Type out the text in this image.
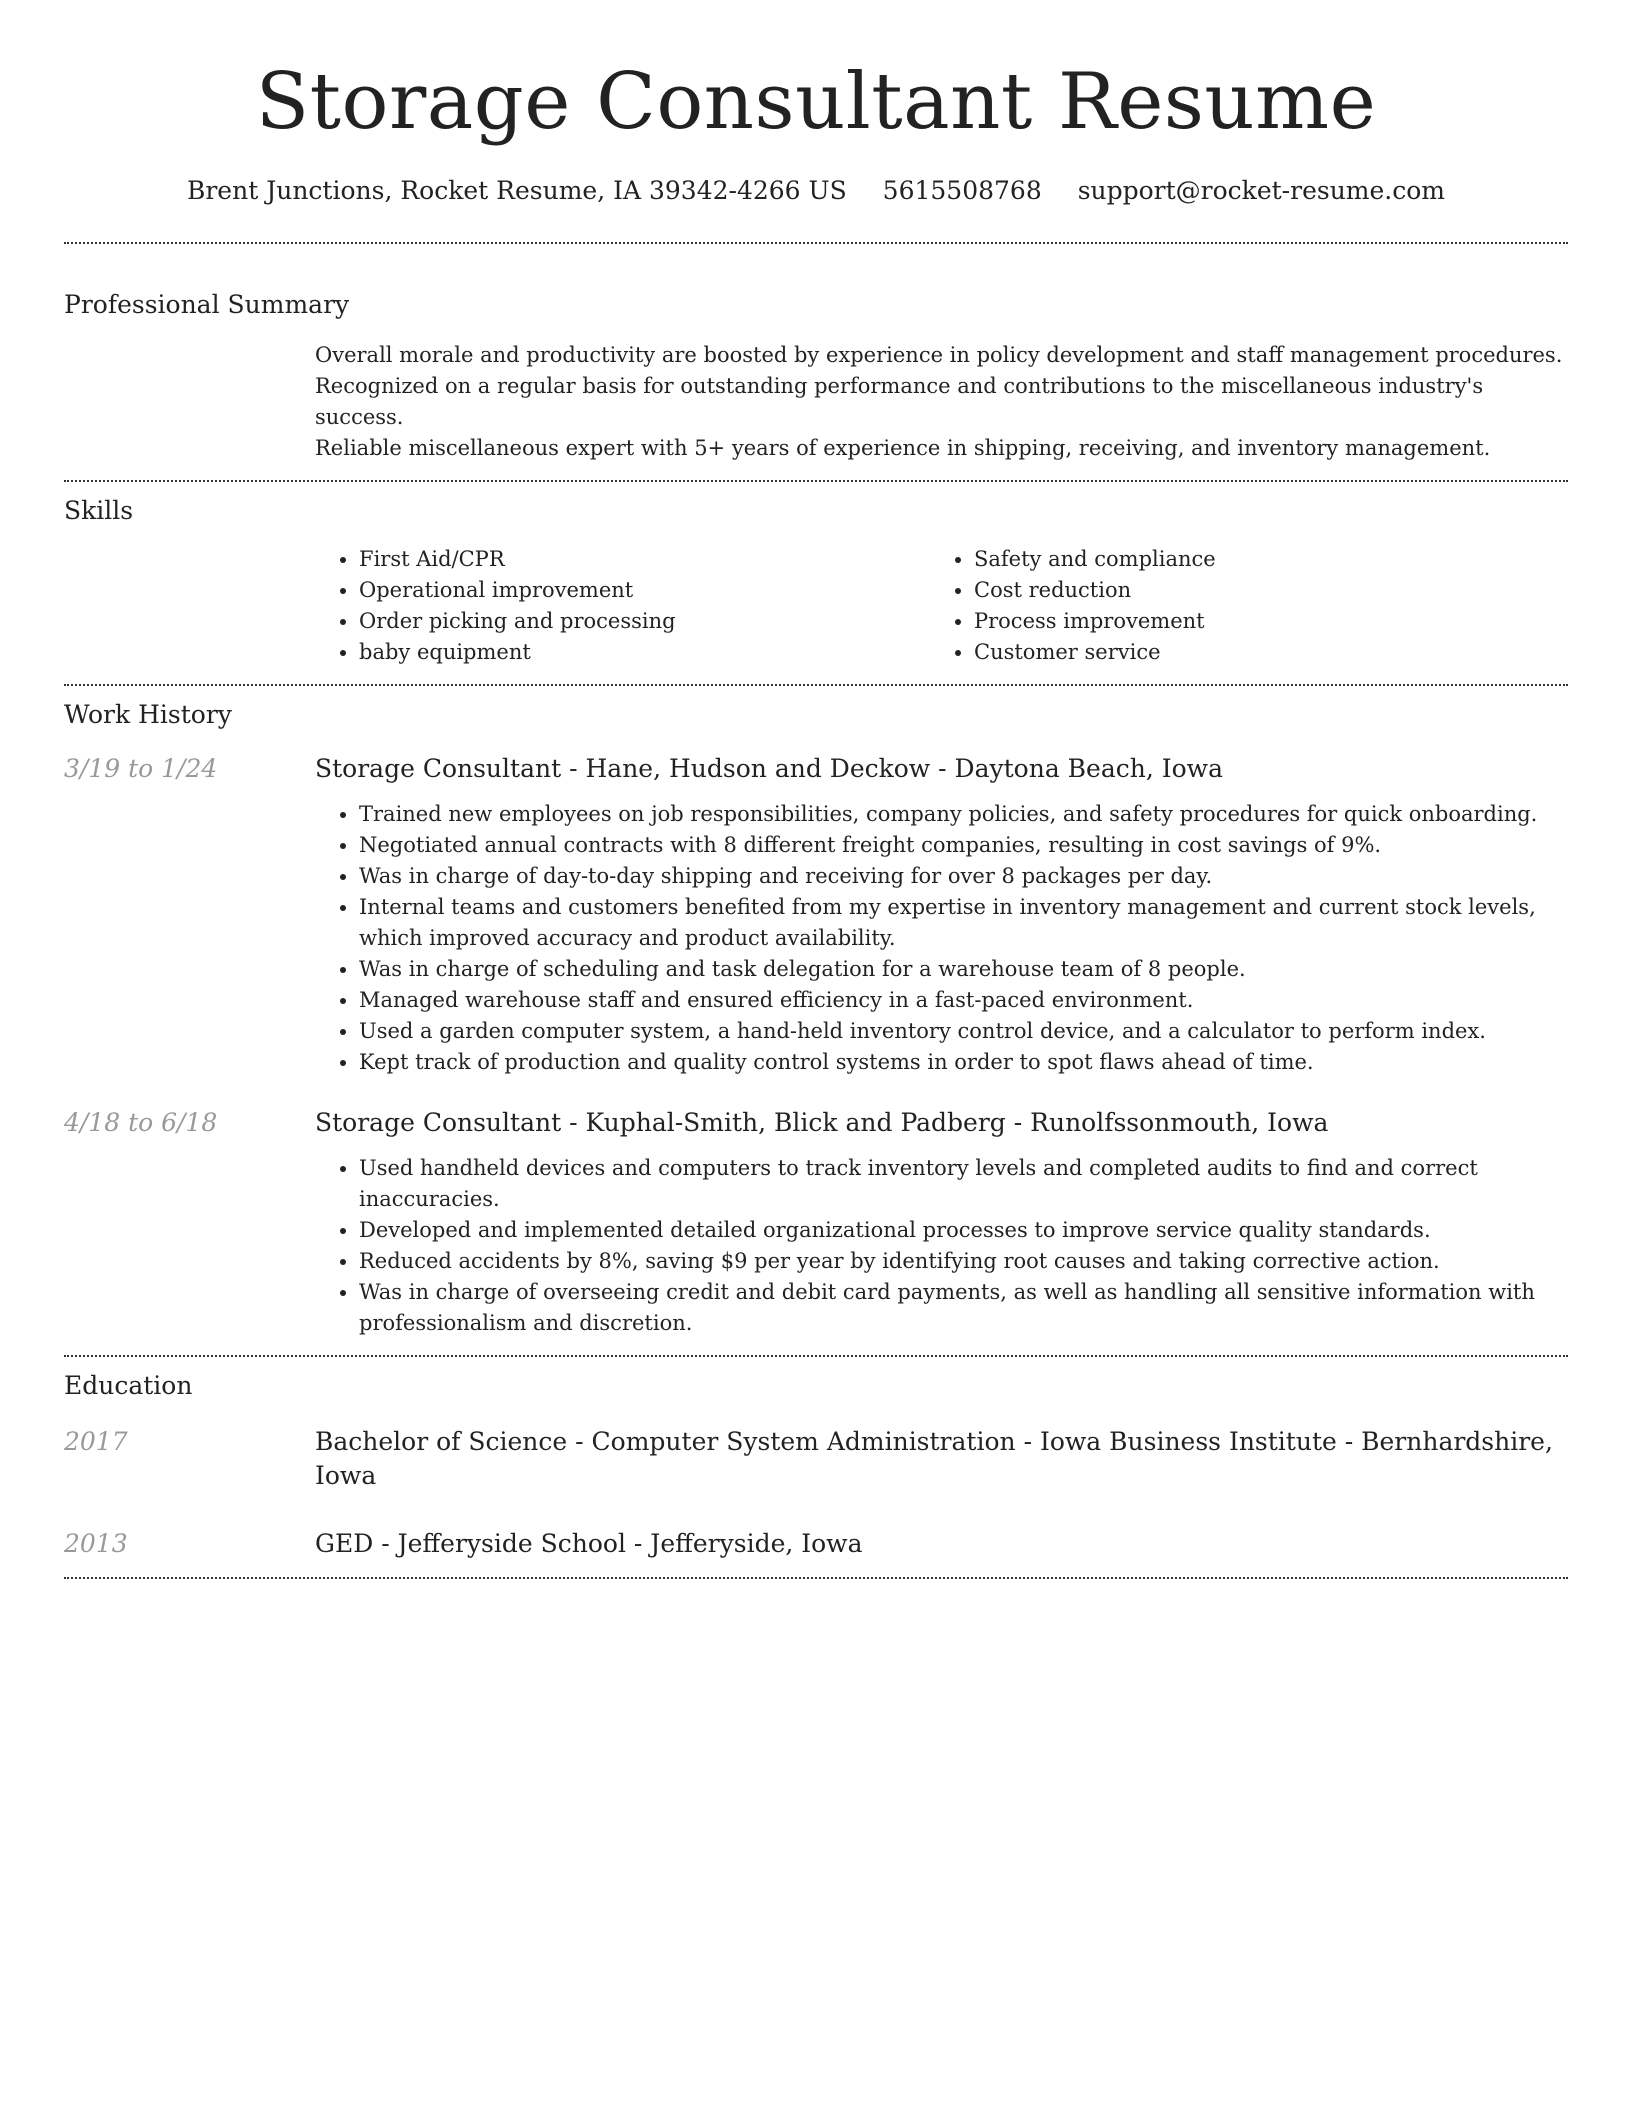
Storage Consultant Resume
Brent Junctions, Rocket Resume, IA 39342-4266 US 5615508768 support@rocket-resume.com
Professional Summary
Overall morale and productivity are boosted by experience in policy development and staff management procedures.
Recognized on a regular basis for outstanding performance and contributions to the miscellaneous industry's success.
Reliable miscellaneous expert with 5+ years of experience in shipping, receiving, and inventory management.
Skills
• First Aid/CPR
• Operational improvement
• Order picking and processing
• baby equipment
• Safety and compliance
• Cost reduction
• Process improvement
• Customer service
Work History
3/19 to 1/24	Storage Consultant - Hane, Hudson and Deckow - Daytona Beach, Iowa
• Trained new employees on job responsibilities, company policies, and safety procedures for quick onboarding.
• Negotiated annual contracts with 8 different freight companies, resulting in cost savings of 9%.
• Was in charge of day-to-day shipping and receiving for over 8 packages per day.
• Internal teams and customers benefited from my expertise in inventory management and current stock levels, which improved accuracy and product availability.
• Was in charge of scheduling and task delegation for a warehouse team of 8 people.
• Managed warehouse staff and ensured efficiency in a fast-paced environment.
• Used a garden computer system, a hand-held inventory control device, and a calculator to perform index.
• Kept track of production and quality control systems in order to spot flaws ahead of time.
4/18 to 6/18	Storage Consultant - Kuphal-Smith, Blick and Padberg - Runolfssonmouth, Iowa
• Used handheld devices and computers to track inventory levels and completed audits to find and correct inaccuracies.
• Developed and implemented detailed organizational processes to improve service quality standards.
• Reduced accidents by 8%, saving $9 per year by identifying root causes and taking corrective action.
• Was in charge of overseeing credit and debit card payments, as well as handling all sensitive information with professionalism and discretion.
Education
2017	Bachelor of Science - Computer System Administration - Iowa Business Institute - Bernhardshire, Iowa
2013	GED - Jefferyside School - Jefferyside, Iowa
